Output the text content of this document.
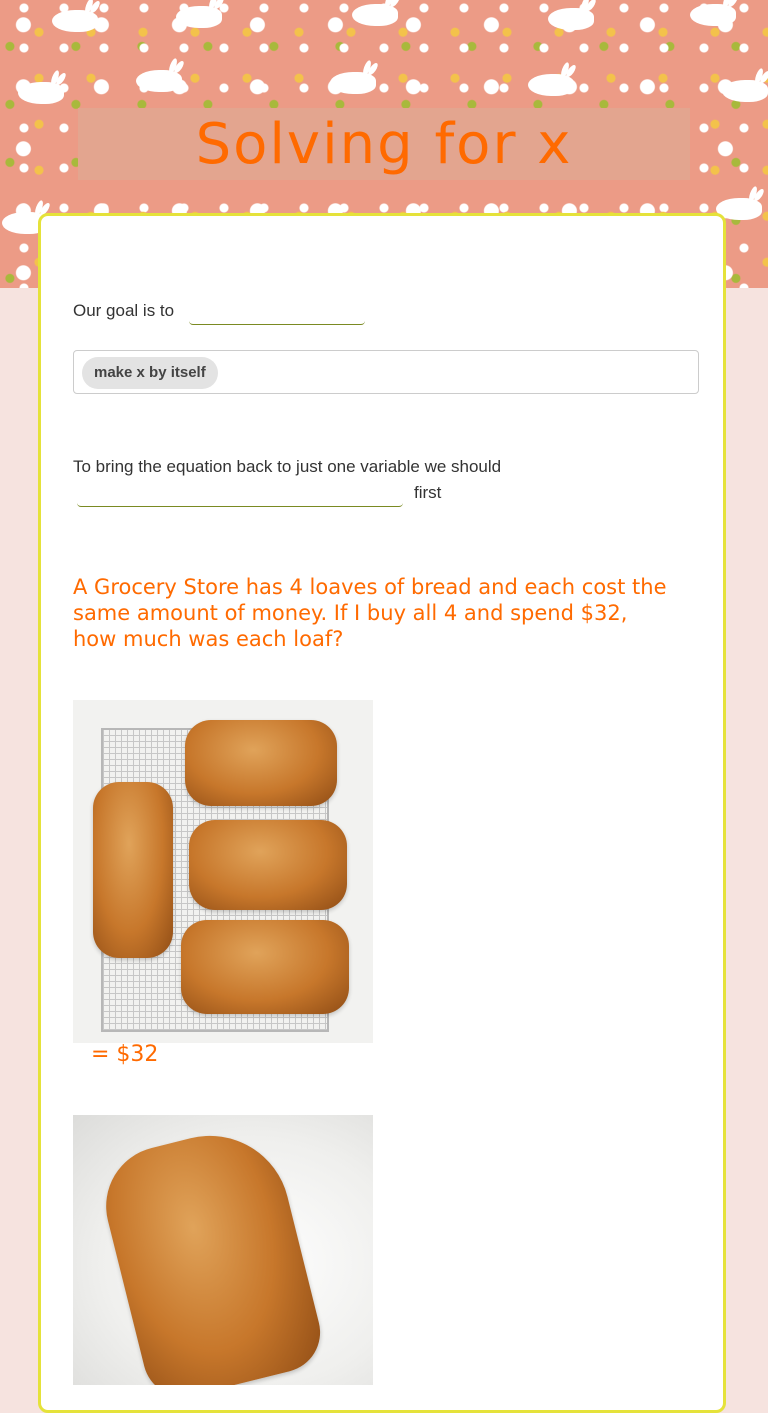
Solving for x
Our goal is to
make x by itself
To bring the equation back to just one variable we should
first
A Grocery Store has 4 loaves of bread and each cost the same amount of money. If I buy all 4 and spend $32, how much was each loaf?
= $32
